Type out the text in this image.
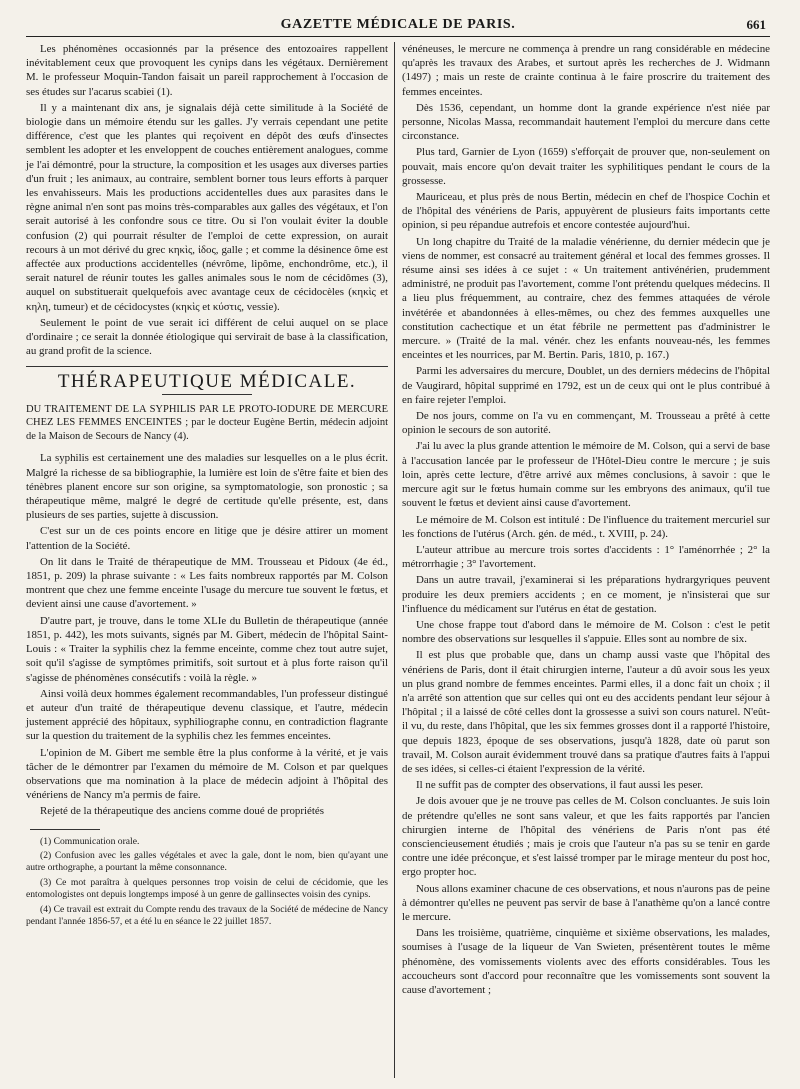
GAZETTE MÉDICALE DE PARIS.	661

Les phénomènes occasionnés par la présence des entozoaires rappellent inévitablement ceux que provoquent les cynips dans les végétaux. Dernièrement M. le professeur Moquin-Tandon faisait un pareil rapprochement à l'occasion de ses études sur l'acarus scabiei (1).

Il y a maintenant dix ans, je signalais déjà cette similitude à la Société de biologie dans un mémoire étendu sur les galles. J'y verrais cependant une petite différence, c'est que les plantes qui reçoivent en dépôt des œufs d'insectes semblent les adopter et les enveloppent de couches entièrement analogues, comme je l'ai démontré, pour la structure, la composition et les usages aux diverses parties d'un fruit ; les animaux, au contraire, semblent borner tous leurs efforts à parquer les envahisseurs. Mais les productions accidentelles dues aux parasites dans le règne animal n'en sont pas moins très-comparables aux galles des végétaux, et l'on serait autorisé à les confondre sous ce titre. Ou si l'on voulait éviter la double confusion (2) qui pourrait résulter de l'emploi de cette expression, on aurait recours à un mot dérivé du grec κηκὶς, ἰδος, galle ; et comme la désinence ôme est affectée aux productions accidentelles (névrôme, lipôme, enchondrôme, etc.), il serait naturel de réunir toutes les galles animales sous le nom de cécidômes (3), auquel on substituerait quelquefois avec avantage ceux de cécidocèles (κηκὶς et κηλη, tumeur) et de cécidocystes (κηκὶς et κύστις, vessie).

Seulement le point de vue serait ici différent de celui auquel on se place d'ordinaire ; ce serait la donnée étiologique qui servirait de base à la classification, au grand profit de la science.

THÉRAPEUTIQUE MÉDICALE.
DU TRAITEMENT DE LA SYPHILIS PAR LE PROTO-IODURE DE MERCURE CHEZ LES FEMMES ENCEINTES ; par le docteur Eugène Bertin, médecin adjoint de la Maison de Secours de Nancy (4).

La syphilis est certainement une des maladies sur lesquelles on a le plus écrit. Malgré la richesse de sa bibliographie, la lumière est loin de s'être faite et bien des ténèbres planent encore sur son origine, sa symptomatologie, son pronostic ; sa thérapeutique même, malgré le degré de certitude qu'elle présente, est, dans plusieurs de ses parties, sujette à discussion.

C'est sur un de ces points encore en litige que je désire attirer un moment l'attention de la Société.

On lit dans le Traité de thérapeutique de MM. Trousseau et Pidoux (4e éd., 1851, p. 209) la phrase suivante : « Les faits nombreux rapportés par M. Colson montrent que chez une femme enceinte l'usage du mercure tue souvent le fœtus, et devient ainsi une cause d'avortement. »

D'autre part, je trouve, dans le tome XLIe du Bulletin de thérapeutique (année 1851, p. 442), les mots suivants, signés par M. Gibert, médecin de l'hôpital Saint-Louis : « Traiter la syphilis chez la femme enceinte, comme chez tout autre sujet, soit qu'il s'agisse de symptômes primitifs, soit surtout et à plus forte raison qu'il s'agisse de phénomènes consécutifs : voilà la règle. »

Ainsi voilà deux hommes également recommandables, l'un professeur distingué et auteur d'un traité de thérapeutique devenu classique, et l'autre, médecin justement apprécié des hôpitaux, syphiliographe connu, en contradiction flagrante sur la question du traitement de la syphilis chez les femmes enceintes.

L'opinion de M. Gibert me semble être la plus conforme à la vérité, et je vais tâcher de le démontrer par l'examen du mémoire de M. Colson et par quelques observations que ma nomination à la place de médecin adjoint à l'hôpital des vénériens de Nancy m'a permis de faire.

Rejeté de la thérapeutique des anciens comme doué de propriétés

(1) Communication orale.

(2) Confusion avec les galles végétales et avec la gale, dont le nom, bien qu'ayant une autre orthographe, a pourtant la même consonnance.

(3) Ce mot paraîtra à quelques personnes trop voisin de celui de cécidomie, que les entomologistes ont depuis longtemps imposé à un genre de gallinsectes voisin des cynips.

(4) Ce travail est extrait du Compte rendu des travaux de la Société de médecine de Nancy pendant l'année 1856-57, et a été lu en séance le 22 juillet 1857.

vénéneuses, le mercure ne commença à prendre un rang considérable en médecine qu'après les travaux des Arabes, et surtout après les recherches de J. Widmann (1497) ; mais un reste de crainte continua à le faire proscrire du traitement des femmes enceintes.

Dès 1536, cependant, un homme dont la grande expérience n'est niée par personne, Nicolas Massa, recommandait hautement l'emploi du mercure dans cette circonstance.

Plus tard, Garnier de Lyon (1659) s'efforçait de prouver que, non-seulement on pouvait, mais encore qu'on devait traiter les syphilitiques pendant le cours de la grossesse.

Mauriceau, et plus près de nous Bertin, médecin en chef de l'hospice Cochin et de l'hôpital des vénériens de Paris, appuyèrent de plusieurs faits importants cette opinion, si peu répandue autrefois et encore contestée aujourd'hui.

Un long chapitre du Traité de la maladie vénérienne, du dernier médecin que je viens de nommer, est consacré au traitement général et local des femmes grosses. Il résume ainsi ses idées à ce sujet : « Un traitement antivénérien, prudemment administré, ne produit pas l'avortement, comme l'ont prétendu quelques médecins. Il a lieu plus fréquemment, au contraire, chez des femmes attaquées de vérole invétérée et abandonnées à elles-mêmes, ou chez des femmes auxquelles une constitution cachectique et un état fébrile ne permettent pas d'administrer le mercure. » (Traité de la mal. vénér. chez les enfants nouveau-nés, les femmes enceintes et les nourrices, par M. Bertin. Paris, 1810, p. 167.)

Parmi les adversaires du mercure, Doublet, un des derniers médecins de l'hôpital de Vaugirard, hôpital supprimé en 1792, est un de ceux qui ont le plus contribué à en faire rejeter l'emploi.

De nos jours, comme on l'a vu en commençant, M. Trousseau a prêté à cette opinion le secours de son autorité.

J'ai lu avec la plus grande attention le mémoire de M. Colson, qui a servi de base à l'accusation lancée par le professeur de l'Hôtel-Dieu contre le mercure ; je suis loin, après cette lecture, d'être arrivé aux mêmes conclusions, à savoir : que le mercure agit sur le fœtus humain comme sur les embryons des animaux, qu'il tue souvent le fœtus et devient ainsi cause d'avortement.

Le mémoire de M. Colson est intitulé : De l'influence du traitement mercuriel sur les fonctions de l'utérus (Arch. gén. de méd., t. XVIII, p. 24).

L'auteur attribue au mercure trois sortes d'accidents : 1° l'aménorrhée ; 2° la métrorrhagie ; 3° l'avortement.

Dans un autre travail, j'examinerai si les préparations hydrargyriques peuvent produire les deux premiers accidents ; en ce moment, je n'insisterai que sur l'influence du médicament sur l'utérus en état de gestation.

Une chose frappe tout d'abord dans le mémoire de M. Colson : c'est le petit nombre des observations sur lesquelles il s'appuie. Elles sont au nombre de six.

Il est plus que probable que, dans un champ aussi vaste que l'hôpital des vénériens de Paris, dont il était chirurgien interne, l'auteur a dû avoir sous les yeux un plus grand nombre de femmes enceintes. Parmi elles, il a donc fait un choix ; il n'a arrêté son attention que sur celles qui ont eu des accidents pendant leur séjour à l'hôpital ; il a laissé de côté celles dont la grossesse a suivi son cours naturel. N'eût-il vu, du reste, dans l'hôpital, que les six femmes grosses dont il a rapporté l'histoire, que depuis 1823, époque de ses observations, jusqu'à 1828, date où parut son travail, M. Colson aurait évidemment trouvé dans sa pratique d'autres faits à l'appui de ses idées, si celles-ci étaient l'expression de la vérité.

Il ne suffit pas de compter des observations, il faut aussi les peser.

Je dois avouer que je ne trouve pas celles de M. Colson concluantes. Je suis loin de prétendre qu'elles ne sont sans valeur, et que les faits rapportés par l'ancien chirurgien interne de l'hôpital des vénériens de Paris n'ont pas été consciencieusement étudiés ; mais je crois que l'auteur n'a pas su se tenir en garde contre une idée préconçue, et s'est laissé tromper par le mirage menteur du post hoc, ergo propter hoc.

Nous allons examiner chacune de ces observations, et nous n'aurons pas de peine à démontrer qu'elles ne peuvent pas servir de base à l'anathème qu'on a lancé contre le mercure.

Dans les troisième, quatrième, cinquième et sixième observations, les malades, soumises à l'usage de la liqueur de Van Swieten, présentèrent toutes le même phénomène, des vomissements violents avec des efforts considérables. Tous les accoucheurs sont d'accord pour reconnaître que les vomissements sont souvent la cause d'avortement ;
